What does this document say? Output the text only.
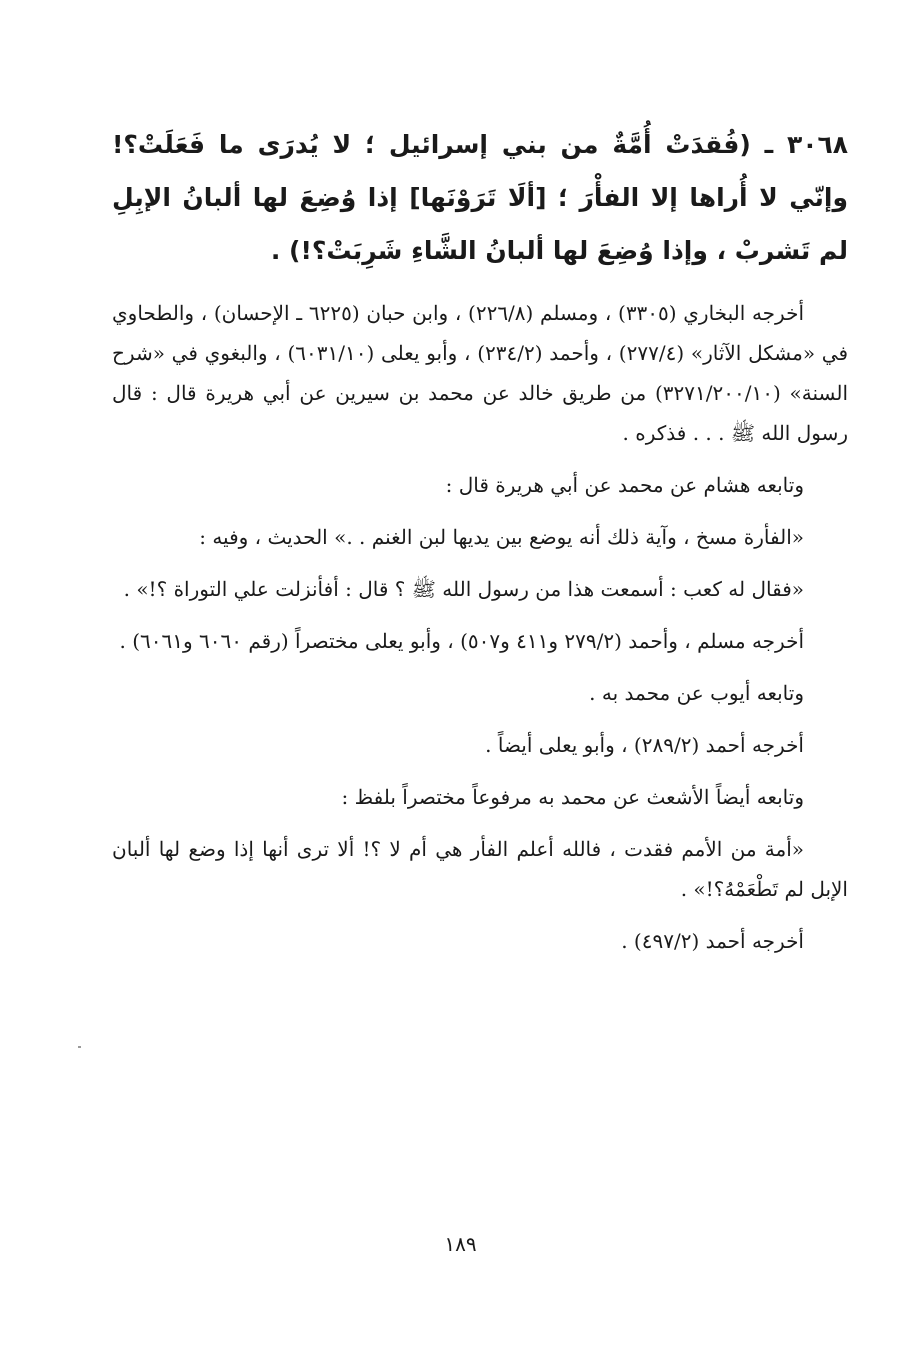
٣٠٦٨ ـ (فُقدَتْ أُمَّةٌ من بني إسرائيل ؛ لا يُدرَى ما فَعَلَتْ؟! وإنّي لا أُراها إلا الفأْرَ ؛ [ألَا تَرَوْنَها] إذا وُضِعَ لها ألبانُ الإبِلِ لم تَشربْ ، وإذا وُضِعَ لها ألبانُ الشَّاءِ شَرِبَتْ؟!) .

أخرجه البخاري (٣٣٠٥) ، ومسلم (٢٢٦/٨) ، وابن حبان (٦٢٢٥ ـ الإحسان) ، والطحاوي في «مشكل الآثار» (٢٧٧/٤) ، وأحمد (٢٣٤/٢) ، وأبو يعلى (٦٠٣١/١٠) ، والبغوي في «شرح السنة» (٣٢٧١/٢٠٠/١٠) من طريق خالد عن محمد بن سيرين عن أبي هريرة قال : قال رسول الله ﷺ . . . فذكره .

وتابعه هشام عن محمد عن أبي هريرة قال :

«الفأرة مسخ ، وآية ذلك أنه يوضع بين يديها لبن الغنم . .» الحديث ، وفيه :

«فقال له كعب : أسمعت هذا من رسول الله ﷺ ؟ قال : أفأنزلت علي التوراة ؟!» .

أخرجه مسلم ، وأحمد (٢٧٩/٢ و٤١١ و٥٠٧) ، وأبو يعلى مختصراً (رقم ٦٠٦٠ و٦٠٦١) .

وتابعه أيوب عن محمد به .

أخرجه أحمد (٢٨٩/٢) ، وأبو يعلى أيضاً .

وتابعه أيضاً الأشعث عن محمد به مرفوعاً مختصراً بلفظ :

«أمة من الأمم فقدت ، فالله أعلم الفأر هي أم لا ؟! ألا ترى أنها إذا وضع لها ألبان الإبل لم تَطْعَمْهُ؟!» .

أخرجه أحمد (٤٩٧/٢) .

١٨٩
